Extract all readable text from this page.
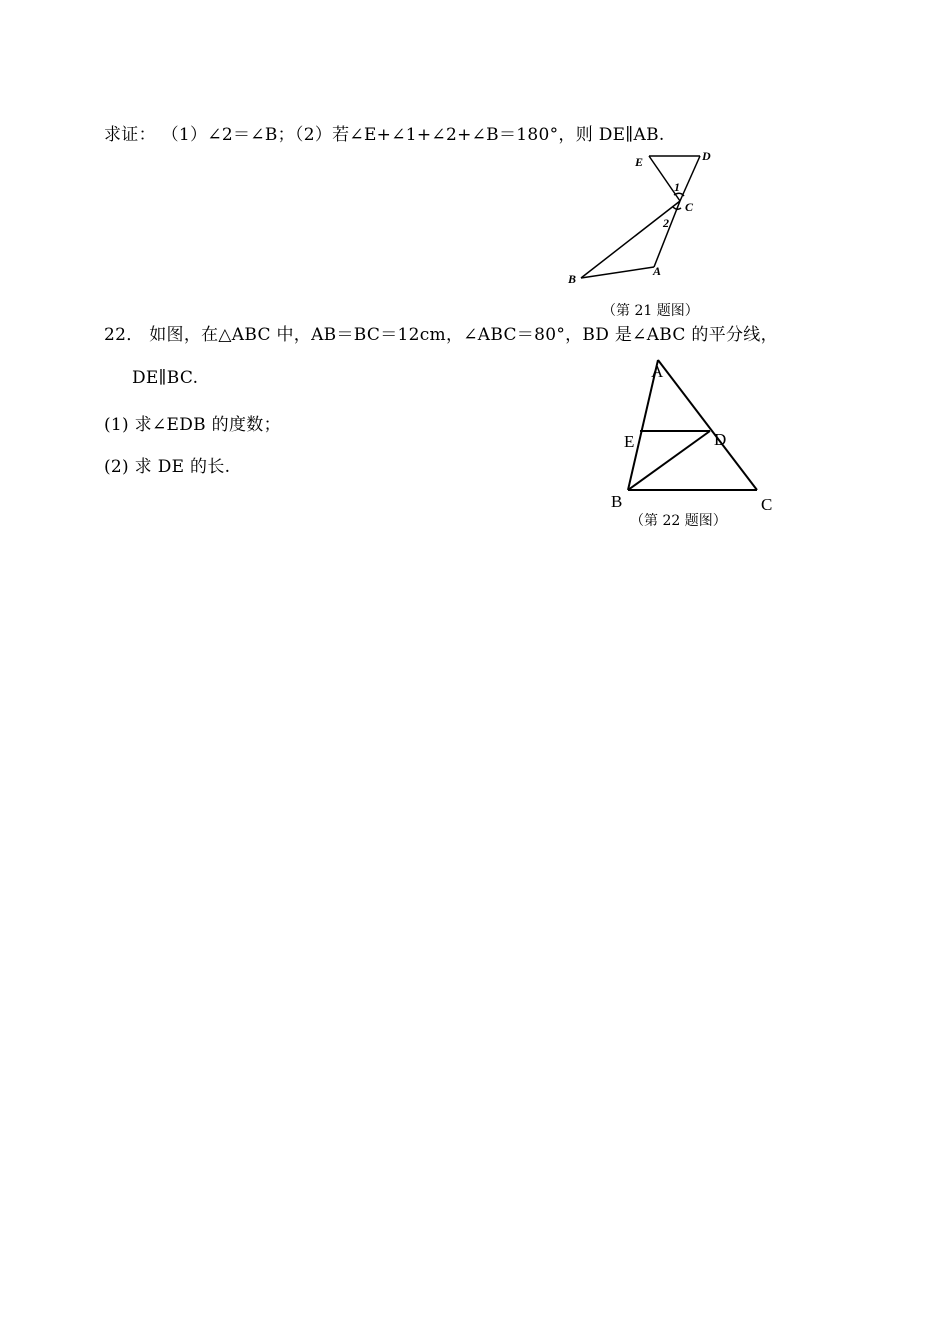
求证： （1）∠2＝∠B；（2）若∠E+∠1+∠2+∠B＝180°，则 DE∥AB.
E	D
C
B
A
1
2
（第 21 题图）
22． 如图，在△ABC 中，AB＝BC＝12cm，∠ABC＝80°，BD 是∠ABC 的平分线，
DE∥BC.
(1) 求∠EDB 的度数；
(2) 求 DE 的长.
A
E	D
B	C
（第 22 题图）
